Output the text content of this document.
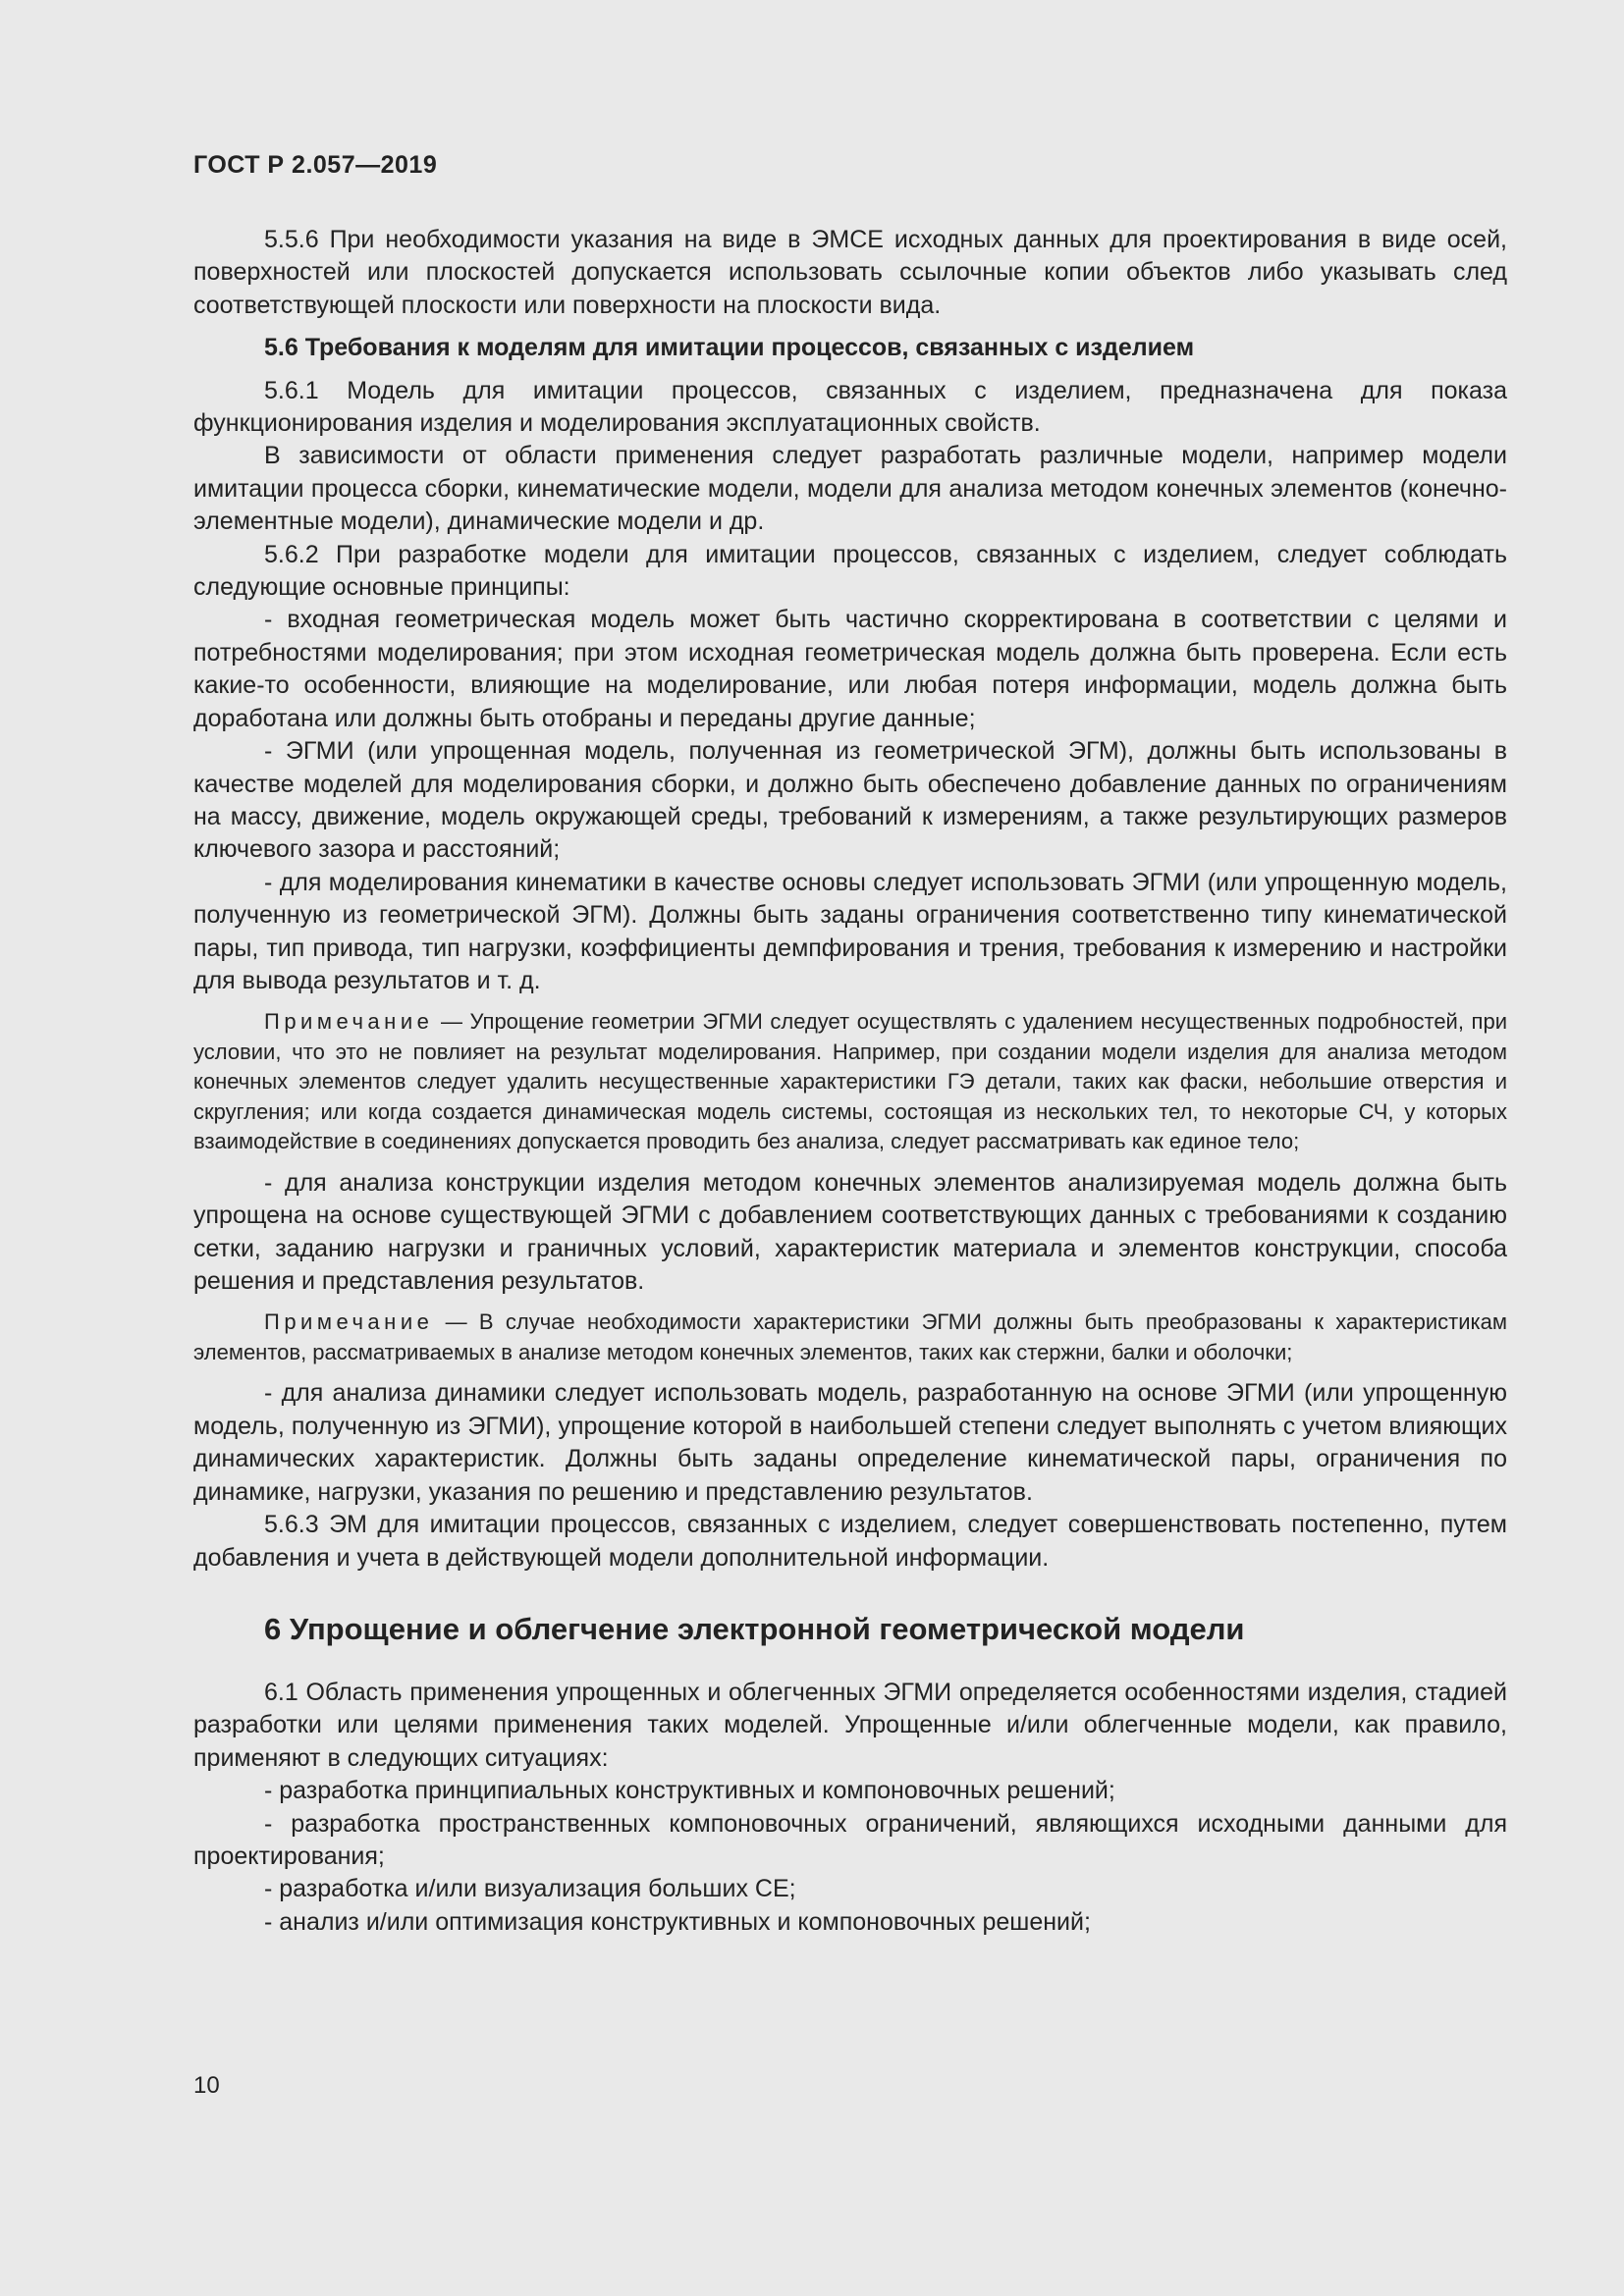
ГОСТ Р 2.057—2019

5.5.6 При необходимости указания на виде в ЭМСЕ исходных данных для проектирования в виде осей, поверхностей или плоскостей допускается использовать ссылочные копии объектов либо указывать след соответствующей плоскости или поверхности на плоскости вида.

5.6 Требования к моделям для имитации процессов, связанных с изделием

5.6.1 Модель для имитации процессов, связанных с изделием, предназначена для показа функционирования изделия и моделирования эксплуатационных свойств.

В зависимости от области применения следует разработать различные модели, например модели имитации процесса сборки, кинематические модели, модели для анализа методом конечных элементов (конечно-элементные модели), динамические модели и др.

5.6.2 При разработке модели для имитации процессов, связанных с изделием, следует соблюдать следующие основные принципы:

- входная геометрическая модель может быть частично скорректирована в соответствии с целями и потребностями моделирования; при этом исходная геометрическая модель должна быть проверена. Если есть какие-то особенности, влияющие на моделирование, или любая потеря информации, модель должна быть доработана или должны быть отобраны и переданы другие данные;

- ЭГМИ (или упрощенная модель, полученная из геометрической ЭГМ), должны быть использованы в качестве моделей для моделирования сборки, и должно быть обеспечено добавление данных по ограничениям на массу, движение, модель окружающей среды, требований к измерениям, а также результирующих размеров ключевого зазора и расстояний;

- для моделирования кинематики в качестве основы следует использовать ЭГМИ (или упрощенную модель, полученную из геометрической ЭГМ). Должны быть заданы ограничения соответственно типу кинематической пары, тип привода, тип нагрузки, коэффициенты демпфирования и трения, требования к измерению и настройки для вывода результатов и т. д.

Примечание — Упрощение геометрии ЭГМИ следует осуществлять с удалением несущественных подробностей, при условии, что это не повлияет на результат моделирования. Например, при создании модели изделия для анализа методом конечных элементов следует удалить несущественные характеристики ГЭ детали, таких как фаски, небольшие отверстия и скругления; или когда создается динамическая модель системы, состоящая из нескольких тел, то некоторые СЧ, у которых взаимодействие в соединениях допускается проводить без анализа, следует рассматривать как единое тело;

- для анализа конструкции изделия методом конечных элементов анализируемая модель должна быть упрощена на основе существующей ЭГМИ с добавлением соответствующих данных с требованиями к созданию сетки, заданию нагрузки и граничных условий, характеристик материала и элементов конструкции, способа решения и представления результатов.

Примечание — В случае необходимости характеристики ЭГМИ должны быть преобразованы к характеристикам элементов, рассматриваемых в анализе методом конечных элементов, таких как стержни, балки и оболочки;

- для анализа динамики следует использовать модель, разработанную на основе ЭГМИ (или упрощенную модель, полученную из ЭГМИ), упрощение которой в наибольшей степени следует выполнять с учетом влияющих динамических характеристик. Должны быть заданы определение кинематической пары, ограничения по динамике, нагрузки, указания по решению и представлению результатов.

5.6.3 ЭМ для имитации процессов, связанных с изделием, следует совершенствовать постепенно, путем добавления и учета в действующей модели дополнительной информации.

6 Упрощение и облегчение электронной геометрической модели

6.1 Область применения упрощенных и облегченных ЭГМИ определяется особенностями изделия, стадией разработки или целями применения таких моделей. Упрощенные и/или облегченные модели, как правило, применяют в следующих ситуациях:

- разработка принципиальных конструктивных и компоновочных решений;

- разработка пространственных компоновочных ограничений, являющихся исходными данными для проектирования;

- разработка и/или визуализация больших СЕ;

- анализ и/или оптимизация конструктивных и компоновочных решений;

10
